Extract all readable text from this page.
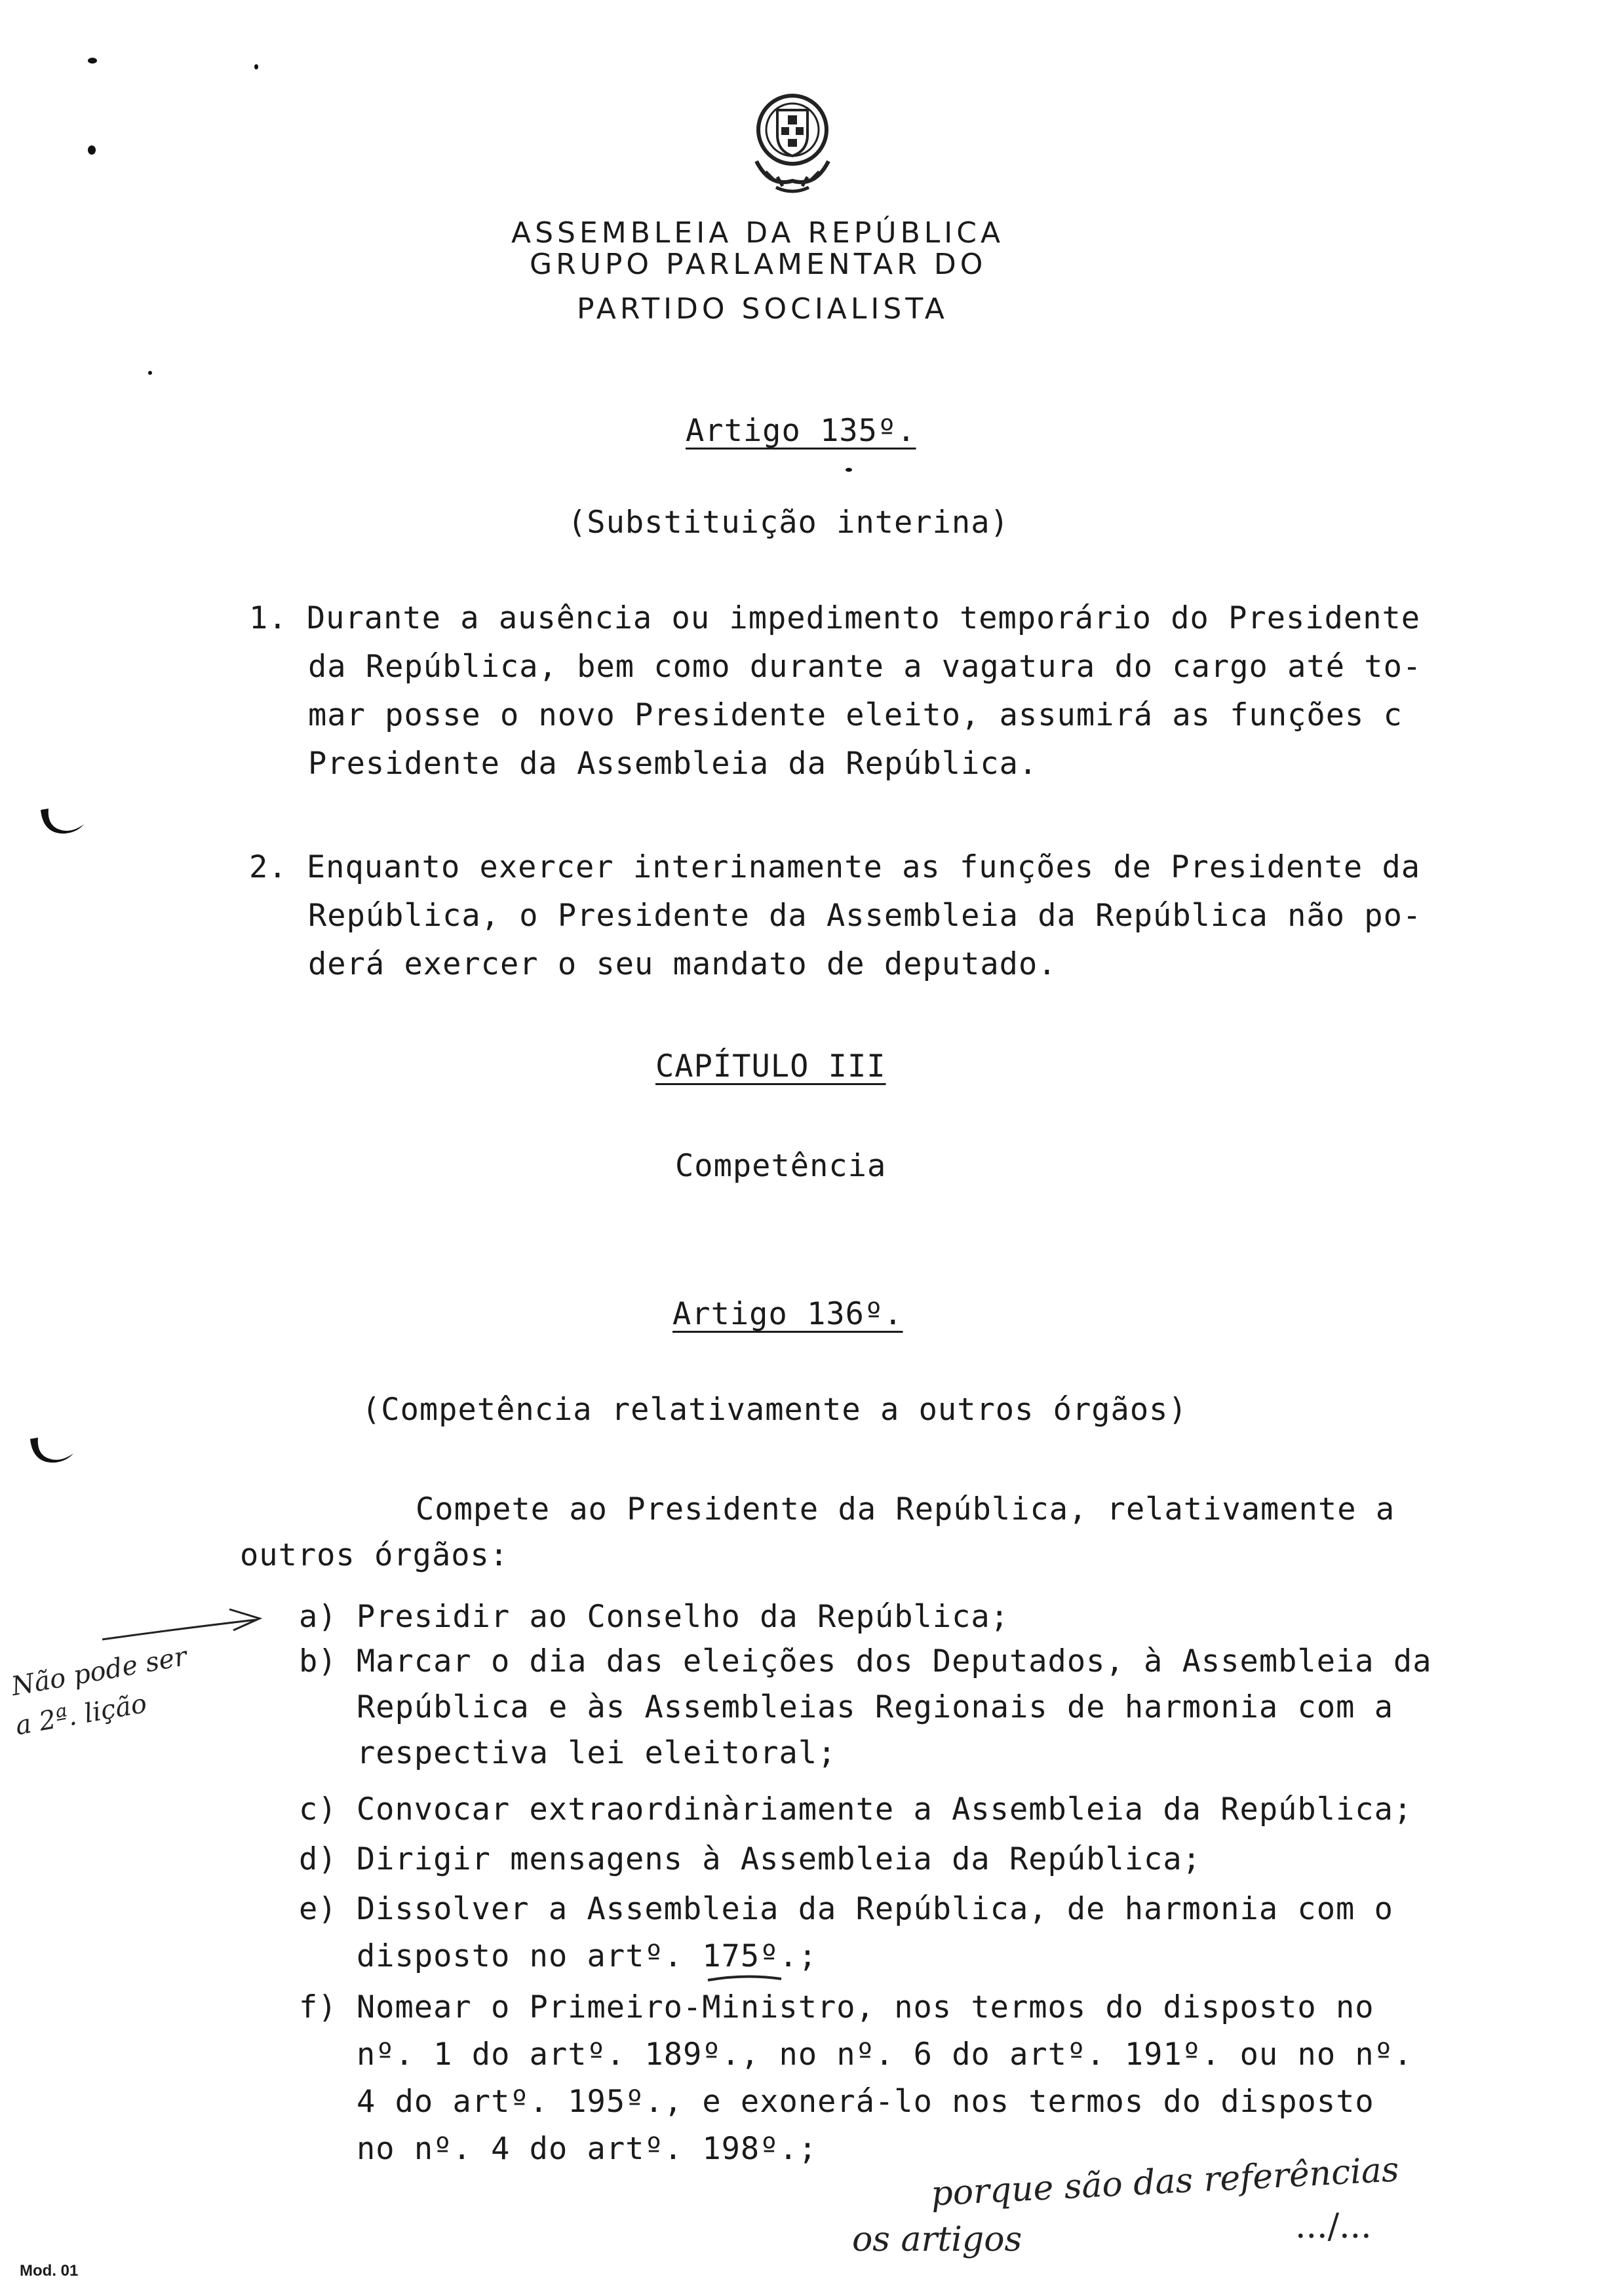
ASSEMBLEIA DA REPÚBLICA
GRUPO PARLAMENTAR DO
PARTIDO SOCIALISTA
Artigo 135º.
(Substituição interina)
1. Durante a ausência ou impedimento temporário do Presidente
da República, bem como durante a vagatura do cargo até to-
mar posse o novo Presidente eleito, assumirá as funções c
Presidente da Assembleia da República.
2. Enquanto exercer interinamente as funções de Presidente da
República, o Presidente da Assembleia da República não po-
derá exercer o seu mandato de deputado.
CAPÍTULO III
Competência
Artigo 136º.
(Competência relativamente a outros órgãos)
Compete ao Presidente da República, relativamente a
outros órgãos:
a) Presidir ao Conselho da República;
b) Marcar o dia das eleições dos Deputados, à Assembleia da
República e às Assembleias Regionais de harmonia com a
respectiva lei eleitoral;
c) Convocar extraordinàriamente a Assembleia da República;
d) Dirigir mensagens à Assembleia da República;
e) Dissolver a Assembleia da República, de harmonia com o
disposto no artº. 175º.;
f) Nomear o Primeiro-Ministro, nos termos do disposto no
nº. 1 do artº. 189º., no nº. 6 do artº. 191º. ou no nº.
4 do artº. 195º., e exonerá-lo nos termos do disposto
no nº. 4 do artº. 198º.;
Não pode ser
a 2ª. lição
porque são das referências
os artigos	.../...
Mod. 01
